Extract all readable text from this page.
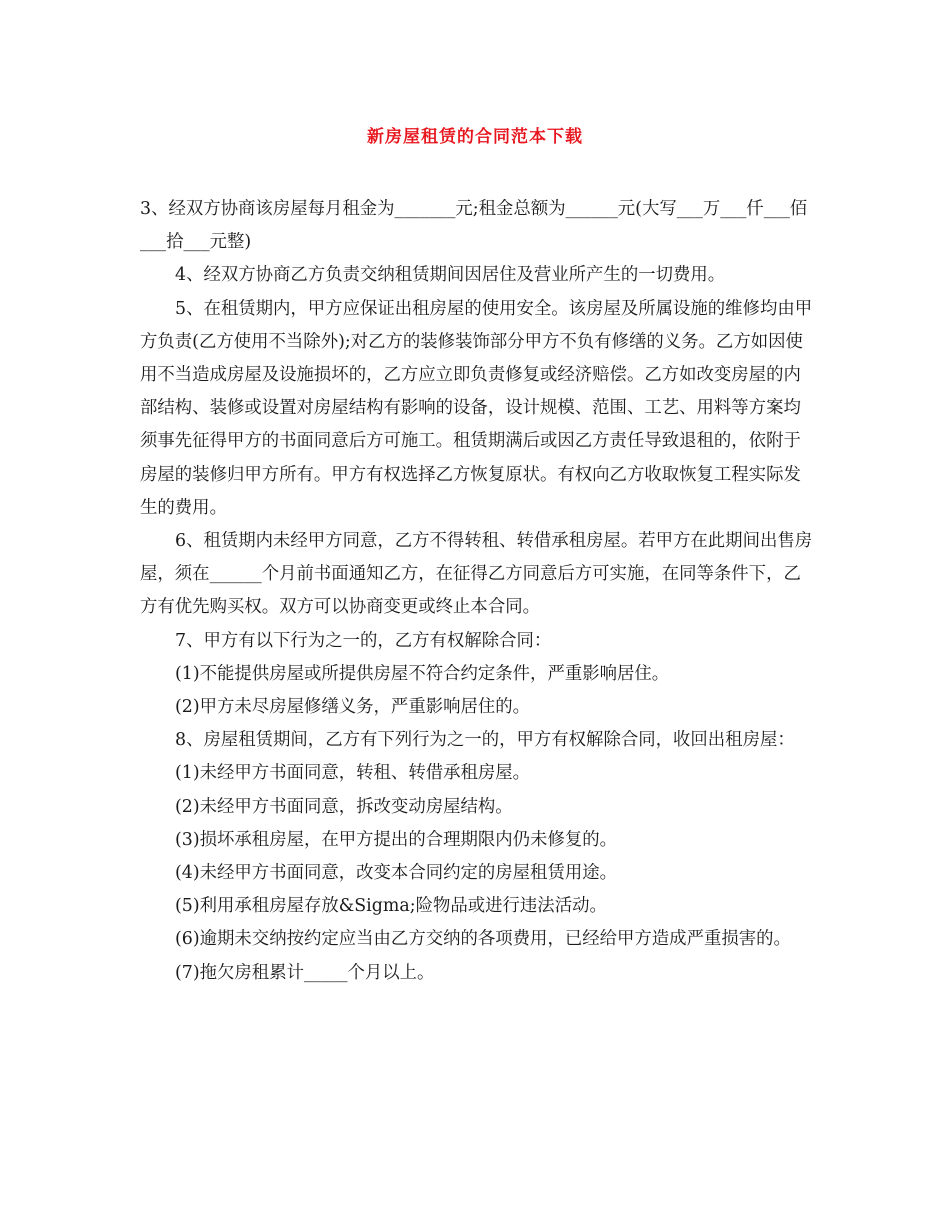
新房屋租赁的合同范本下载

3、经双方协商该房屋每月租金为_______元;租金总额为______元(大写___万___仟___佰___拾___元整)

4、经双方协商乙方负责交纳租赁期间因居住及营业所产生的一切费用。

5、在租赁期内，甲方应保证出租房屋的使用安全。该房屋及所属设施的维修均由甲方负责(乙方使用不当除外);对乙方的装修装饰部分甲方不负有修缮的义务。乙方如因使用不当造成房屋及设施损坏的，乙方应立即负责修复或经济赔偿。乙方如改变房屋的内部结构、装修或设置对房屋结构有影响的设备，设计规模、范围、工艺、用料等方案均须事先征得甲方的书面同意后方可施工。租赁期满后或因乙方责任导致退租的，依附于房屋的装修归甲方所有。甲方有权选择乙方恢复原状。有权向乙方收取恢复工程实际发生的费用。

6、租赁期内未经甲方同意，乙方不得转租、转借承租房屋。若甲方在此期间出售房屋，须在______个月前书面通知乙方，在征得乙方同意后方可实施，在同等条件下，乙方有优先购买权。双方可以协商变更或终止本合同。

7、甲方有以下行为之一的，乙方有权解除合同：

(1)不能提供房屋或所提供房屋不符合约定条件，严重影响居住。

(2)甲方未尽房屋修缮义务，严重影响居住的。

8、房屋租赁期间，乙方有下列行为之一的，甲方有权解除合同，收回出租房屋：

(1)未经甲方书面同意，转租、转借承租房屋。

(2)未经甲方书面同意，拆改变动房屋结构。

(3)损坏承租房屋，在甲方提出的合理期限内仍未修复的。

(4)未经甲方书面同意，改变本合同约定的房屋租赁用途。

(5)利用承租房屋存放&Sigma;险物品或进行违法活动。

(6)逾期未交纳按约定应当由乙方交纳的各项费用，已经给甲方造成严重损害的。

(7)拖欠房租累计_____个月以上。
